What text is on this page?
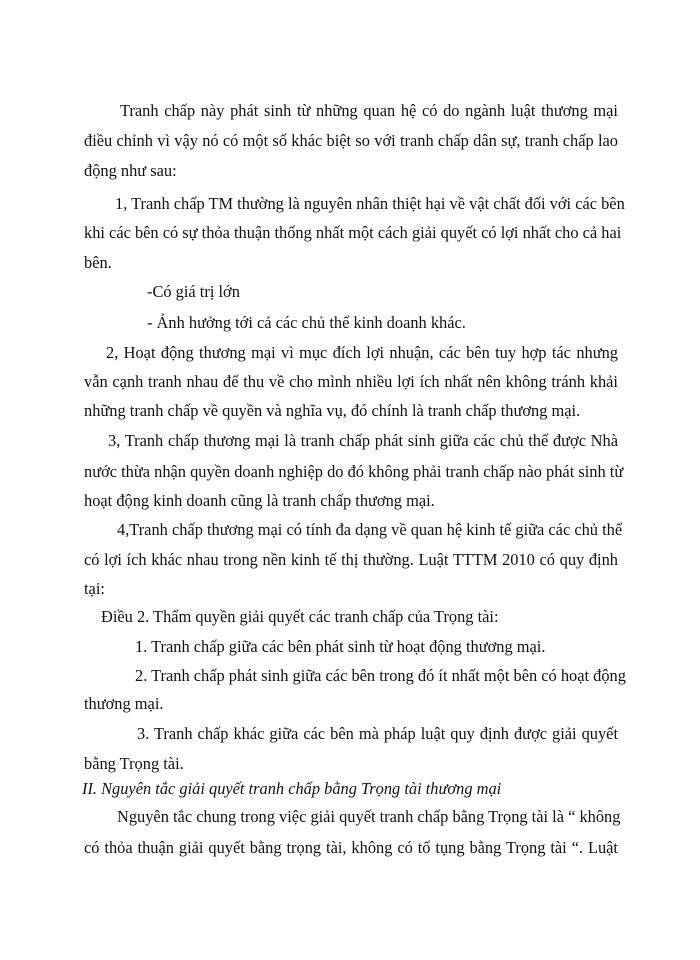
Tranh chấp này phát sinh từ những quan hệ có do ngành luật thương mại
điều chỉnh vì vậy nó có một số khác biệt so với tranh chấp dân sự, tranh chấp lao
động như sau:
1, Tranh chấp TM thường là nguyên nhân thiệt hại về vật chất đối với các bên
khi các bên có sự thỏa thuận thống nhất một cách giải quyết có lợi nhất cho cả hai
bên.
-Có giá trị lớn
- Ảnh hưởng tới cả các chủ thể kinh doanh khác.
2, Hoạt động thương mại vì mục đích lợi nhuận, các bên tuy hợp tác nhưng
vẫn cạnh tranh nhau để thu về cho mình nhiều lợi ích nhất nên không tránh khải
những tranh chấp về quyền và nghĩa vụ, đó chính là tranh chấp thương mại.
3, Tranh chấp thương mại là tranh chấp phát sinh giữa các chủ thể được Nhà
nước thừa nhận quyền doanh nghiệp do đó không phải tranh chấp nào phát sinh từ
hoạt động kinh doanh cũng là tranh chấp thương mại.
4,Tranh chấp thương mại có tính đa dạng về quan hệ kinh tế giữa các chủ thể
có lợi ích khác nhau trong nền kinh tế thị thường. Luật TTTM 2010 có quy định
tại:
Điều 2. Thẩm quyền giải quyết các tranh chấp của Trọng tài:
1. Tranh chấp giữa các bên phát sinh từ hoạt động thương mại.
2. Tranh chấp phát sinh giữa các bên trong đó ít nhất một bên có hoạt động
thương mại.
3. Tranh chấp khác giữa các bên mà pháp luật quy định được giải quyết
bằng Trọng tài.
II. Nguyên tắc giải quyết tranh chấp bằng Trọng tài thương mại
Nguyên tắc chung trong việc giải quyết tranh chấp bằng Trọng tài là “ không
có thỏa thuận giải quyết bằng trọng tài, không có tố tụng bằng Trọng tài “. Luật
